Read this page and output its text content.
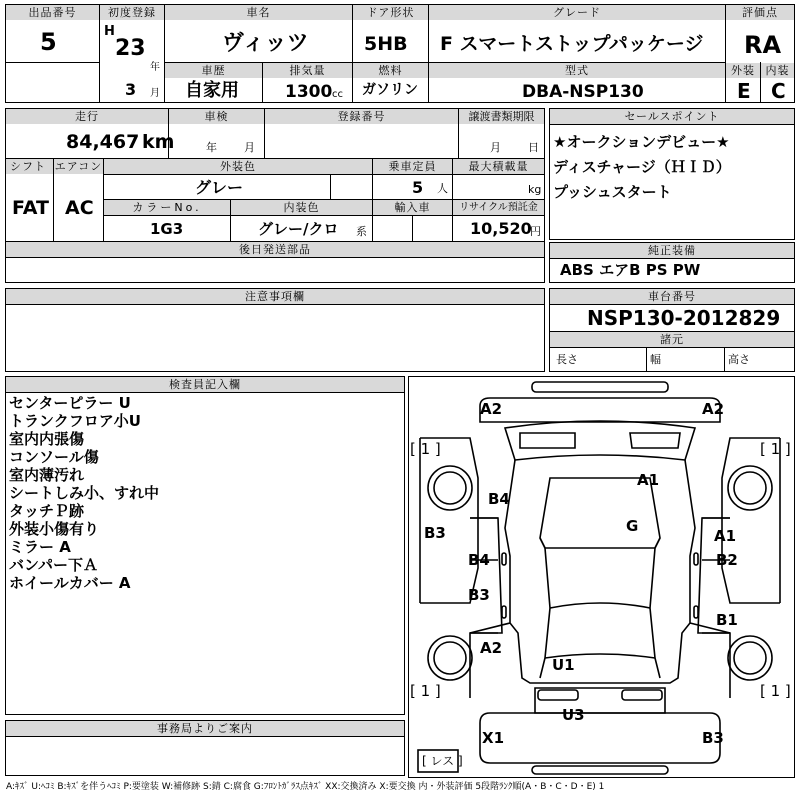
出品番号
5
初度登録
H
23
年
3 月
車名
ヴィッツ
ドア形状
5HB
グレード
F スマートストップパッケージ
評価点
RA
車歴
自家用
排気量
1300 cc
燃料
ガソリン
型式
DBA-NSP130
外装
E
内装
C
走行
84,467 km
車検
年 月
登録番号	譲渡書類期限
月 日
シフト
FAT
エアコン
AC
外装色
グレー
乗車定員
5 人
最大積載量
kg
カラーNo.
1G3
内装色
グレー/クロ 系
輸入車	リサイクル預託金
10,520
円
後日発送部品
セールスポイント
★オークションデビュー★
ディスチャージ（ＨＩＤ）
プッシュスタート
純正装備
ABS エアB PS PW
注意事項欄	車台番号
NSP130-2012829
諸元
長さ	幅	高さ
検査員記入欄
センターピラー U
トランクフロア小U
室内内張傷
コンソール傷
室内薄汚れ
シートしみ小、すれ中
タッチＰ跡
外装小傷有り
ミラー A
バンパー下Ａ
ホイールカバー A
事務局よりご案内
A2	A2
[ 1 ]	[ 1 ]
A1
B4
G
B3	A1
B4	B2
B3
B1
A2
U1
[ 1 ]	[ 1 ]
U3
X1	B3
[ レス ]
A:ｷｽﾞ U:ﾍｺﾐ B:ｷｽﾞを伴うﾍｺﾐ P:要塗装 W:補修跡 S:錆 C:腐食 G:ﾌﾛﾝﾄｶﾞﾗｽ点ｷｽﾞ XX:交換済み X:要交換 内・外装評価 5段階ﾗﾝｸ順(A・B・C・D・E) 1
